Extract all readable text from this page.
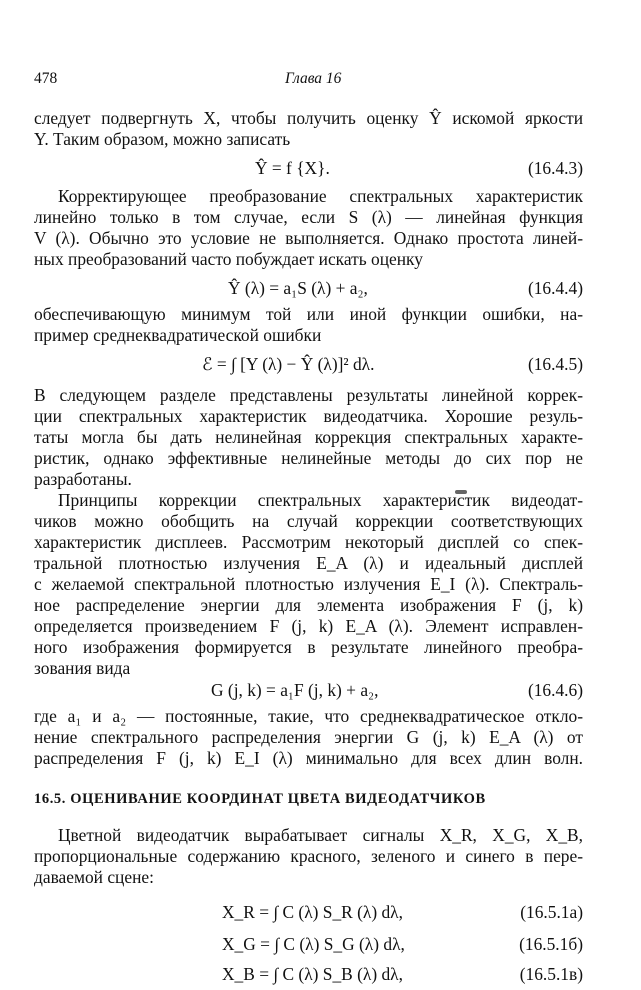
478	Глава 16
следует подвергнуть X, чтобы получить оценку Ŷ искомой яркости
Y. Таким образом, можно записать
Ŷ = f {X}.	(16.4.3)
Корректирующее преобразование спектральных характеристик
линейно только в том случае, если S (λ) — линейная функция
V (λ). Обычно это условие не выполняется. Однако простота линей-
ных преобразований часто побуждает искать оценку
Ŷ (λ) = a₁S (λ) + a₂,	(16.4.4)
обеспечивающую минимум той или иной функции ошибки, на-
пример среднеквадратической ошибки
ℰ = ∫ [Y (λ) − Ŷ (λ)]² dλ.	(16.4.5)
В следующем разделе представлены результаты линейной коррек-
ции спектральных характеристик видеодатчика. Хорошие резуль-
таты могла бы дать нелинейная коррекция спектральных характе-
ристик, однако эффективные нелинейные методы до сих пор не
разработаны.
Принципы коррекции спектральных характеристик видеодат-
чиков можно обобщить на случай коррекции соответствующих
характеристик дисплеев. Рассмотрим некоторый дисплей со спек-
тральной плотностью излучения E_A (λ) и идеальный дисплей
с желаемой спектральной плотностью излучения E_I (λ). Спектраль-
ное распределение энергии для элемента изображения F (j, k)
определяется произведением F (j, k) E_A (λ). Элемент исправлен-
ного изображения формируется в результате линейного преобра-
зования вида
G (j, k) = a₁F (j, k) + a₂,	(16.4.6)
где a₁ и a₂ — постоянные, такие, что среднеквадратическое откло-
нение спектрального распределения энергии G (j, k) E_A (λ) от
распределения F (j, k) E_I (λ) минимально для всех длин волн.
16.5. ОЦЕНИВАНИЕ КООРДИНАТ ЦВЕТА ВИДЕОДАТЧИКОВ
Цветной видеодатчик вырабатывает сигналы X_R, X_G, X_B,
пропорциональные содержанию красного, зеленого и синего в пере-
даваемой сцене:
X_R = ∫ C (λ) S_R (λ) dλ,	(16.5.1а)
X_G = ∫ C (λ) S_G (λ) dλ,	(16.5.1б)
X_B = ∫ C (λ) S_B (λ) dλ,	(16.5.1в)
